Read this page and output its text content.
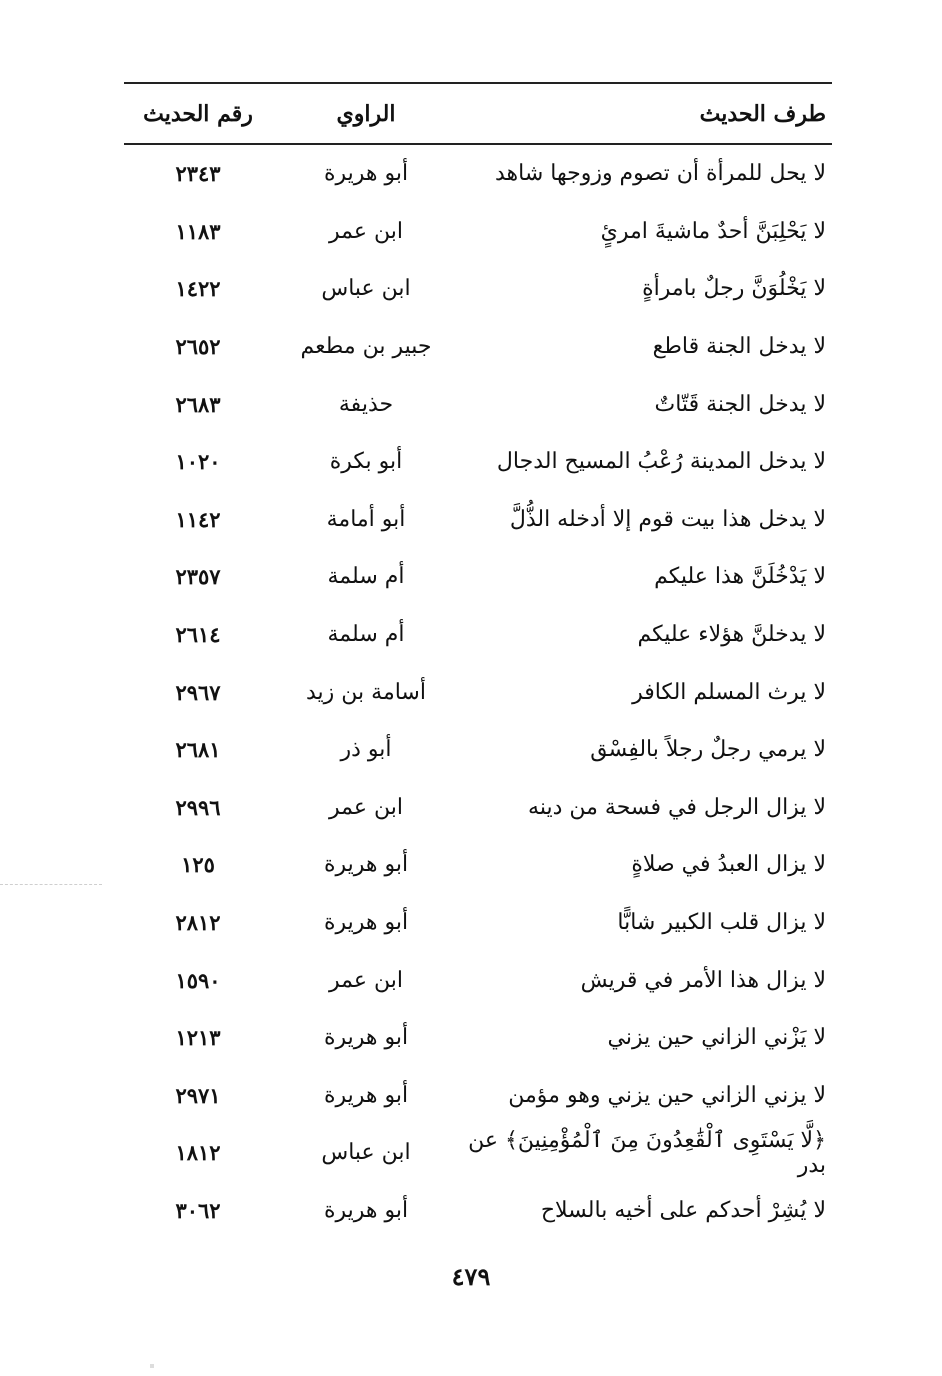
طرف الحديث
الراوي
رقم الحديث
لا يحل للمرأة أن تصوم وزوجها شاهد
أبو هريرة
٢٣٤٣
لا يَحْلِبَنَّ أحدٌ ماشيةَ امرئٍ
ابن عمر
١١٨٣
لا يَخْلُوَنَّ رجلٌ بامرأةٍ
ابن عباس
١٤٢٢
لا يدخل الجنة قاطع
جبير بن مطعم
٢٦٥٢
لا يدخل الجنة قَتّاتٌ
حذيفة
٢٦٨٣
لا يدخل المدينة رُعْبُ المسيح الدجال
أبو بكرة
١٠٢٠
لا يدخل هذا بيت قوم إلا أدخله الذُّلَّ
أبو أمامة
١١٤٢
لا يَدْخُلَنَّ هذا عليكم
أم سلمة
٢٣٥٧
لا يدخلنَّ هؤلاء عليكم
أم سلمة
٢٦١٤
لا يرث المسلم الكافر
أسامة بن زيد
٢٩٦٧
لا يرمي رجلٌ رجلاً بالفِسْق
أبو ذر
٢٦٨١
لا يزال الرجل في فسحة من دينه
ابن عمر
٢٩٩٦
لا يزال العبدُ في صلاةٍ
أبو هريرة
١٢٥
لا يزال قلب الكبير شابًّا
أبو هريرة
٢٨١٢
لا يزال هذا الأمر في قريش
ابن عمر
١٥٩٠
لا يَزْني الزاني حين يزني
أبو هريرة
١٢١٣
لا يزني الزاني حين يزني وهو مؤمن
أبو هريرة
٢٩٧١
﴿لَّا يَسْتَوِى ٱلْقَٰعِدُونَ مِنَ ٱلْمُؤْمِنِينَ﴾ عن بدر
ابن عباس
١٨١٢
لا يُشِرْ أحدكم على أخيه بالسلاح
أبو هريرة
٣٠٦٢
٤٧٩
